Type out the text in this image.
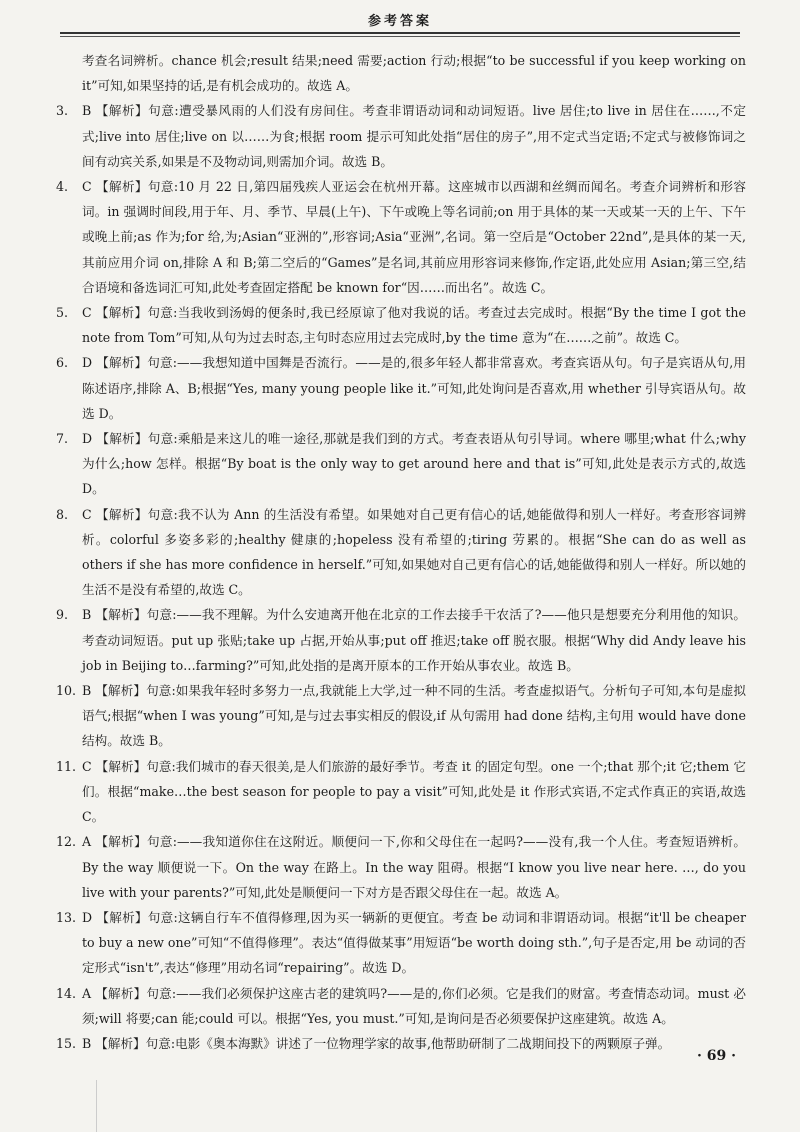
参考答案

考查名词辨析。chance 机会;result 结果;need 需要;action 行动;根据“to be successful if you keep working on it”可知,如果坚持的话,是有机会成功的。故选 A。

3.	B 【解析】句意:遭受暴风雨的人们没有房间住。考查非谓语动词和动词短语。live 居住;to live in 居住在……,不定式;live into 居住;live on 以……为食;根据 room 提示可知此处指“居住的房子”,用不定式当定语;不定式与被修饰词之间有动宾关系,如果是不及物动词,则需加介词。故选 B。
4.	C 【解析】句意:10 月 22 日,第四届残疾人亚运会在杭州开幕。这座城市以西湖和丝绸而闻名。考查介词辨析和形容词。in 强调时间段,用于年、月、季节、早晨(上午)、下午或晚上等名词前;on 用于具体的某一天或某一天的上午、下午或晚上前;as 作为;for 给,为;Asian“亚洲的”,形容词;Asia“亚洲”,名词。第一空后是“October 22nd”,是具体的某一天,其前应用介词 on,排除 A 和 B;第二空后的“Games”是名词,其前应用形容词来修饰,作定语,此处应用 Asian;第三空,结合语境和备选词汇可知,此处考查固定搭配 be known for“因……而出名”。故选 C。
5.	C 【解析】句意:当我收到汤姆的便条时,我已经原谅了他对我说的话。考查过去完成时。根据“By the time I got the note from Tom”可知,从句为过去时态,主句时态应用过去完成时,by the time 意为“在……之前”。故选 C。
6.	D 【解析】句意:——我想知道中国舞是否流行。——是的,很多年轻人都非常喜欢。考查宾语从句。句子是宾语从句,用陈述语序,排除 A、B;根据“Yes, many young people like it.”可知,此处询问是否喜欢,用 whether 引导宾语从句。故选 D。
7.	D 【解析】句意:乘船是来这儿的唯一途径,那就是我们到的方式。考查表语从句引导词。where 哪里;what 什么;why 为什么;how 怎样。根据“By boat is the only way to get around here and that is”可知,此处是表示方式的,故选 D。
8.	C 【解析】句意:我不认为 Ann 的生活没有希望。如果她对自己更有信心的话,她能做得和别人一样好。考查形容词辨析。colorful 多姿多彩的;healthy 健康的;hopeless 没有希望的;tiring 劳累的。根据“She can do as well as others if she has more confidence in herself.”可知,如果她对自己更有信心的话,她能做得和别人一样好。所以她的生活不是没有希望的,故选 C。
9.	B 【解析】句意:——我不理解。为什么安迪离开他在北京的工作去接手干农活了?——他只是想要充分利用他的知识。考查动词短语。put up 张贴;take up 占据,开始从事;put off 推迟;take off 脱衣服。根据“Why did Andy leave his job in Beijing to…farming?”可知,此处指的是离开原本的工作开始从事农业。故选 B。
10. B 【解析】句意:如果我年轻时多努力一点,我就能上大学,过一种不同的生活。考查虚拟语气。分析句子可知,本句是虚拟语气;根据“when I was young”可知,是与过去事实相反的假设,if 从句需用 had done 结构,主句用 would have done 结构。故选 B。
11. C 【解析】句意:我们城市的春天很美,是人们旅游的最好季节。考查 it 的固定句型。one 一个;that 那个;it 它;them 它们。根据“make…the best season for people to pay a visit”可知,此处是 it 作形式宾语,不定式作真正的宾语,故选 C。
12. A 【解析】句意:——我知道你住在这附近。顺便问一下,你和父母住在一起吗?——没有,我一个人住。考查短语辨析。By the way 顺便说一下。On the way 在路上。In the way 阻碍。根据“I know you live near here. …, do you live with your parents?”可知,此处是顺便问一下对方是否跟父母住在一起。故选 A。
13. D 【解析】句意:这辆自行车不值得修理,因为买一辆新的更便宜。考查 be 动词和非谓语动词。根据“it'll be cheaper to buy a new one”可知“不值得修理”。表达“值得做某事”用短语“be worth doing sth.”,句子是否定,用 be 动词的否定形式“isn't”,表达“修理”用动名词“repairing”。故选 D。
14. A 【解析】句意:——我们必须保护这座古老的建筑吗?——是的,你们必须。它是我们的财富。考查情态动词。must 必须;will 将要;can 能;could 可以。根据“Yes, you must.”可知,是询问是否必须要保护这座建筑。故选 A。
15. B 【解析】句意:电影《奥本海默》讲述了一位物理学家的故事,他帮助研制了二战期间投下的两颗原子弹。
· 69 ·
